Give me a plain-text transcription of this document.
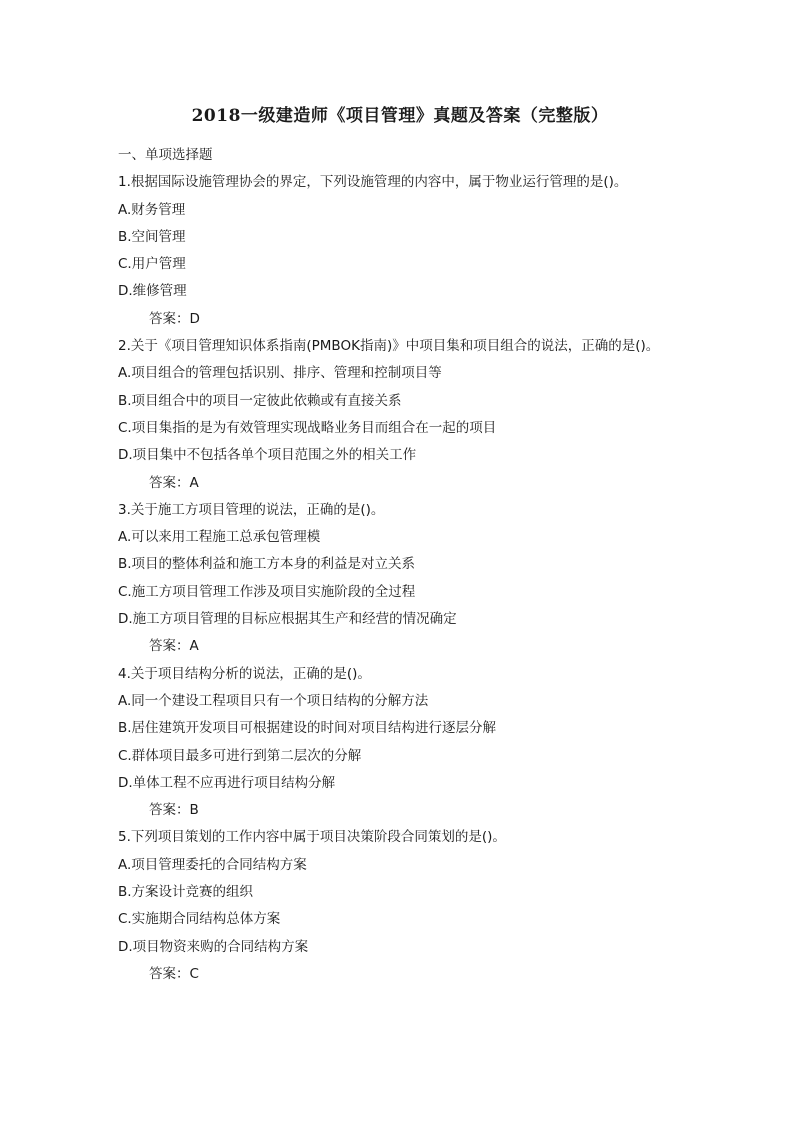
2018一级建造师《项目管理》真题及答案（完整版）
一、单项选择题
1.根据国际设施管理协会的界定，下列设施管理的内容中，属于物业运行管理的是()。
A.财务管理
B.空间管理
C.用户管理
D.维修管理
答案：D
2.关于《项目管理知识体系指南(PMBOK指南)》中项目集和项目组合的说法，正确的是()。
A.项目组合的管理包括识别、排序、管理和控制项目等
B.项目组合中的项目一定彼此依赖或有直接关系
C.项目集指的是为有效管理实现战略业务目而组合在一起的项目
D.项目集中不包括各单个项目范围之外的相关工作
答案：A
3.关于施工方项目管理的说法，正确的是()。
A.可以来用工程施工总承包管理模
B.项目的整体利益和施工方本身的利益是对立关系
C.施工方项目管理工作涉及项目实施阶段的全过程
D.施工方项目管理的目标应根据其生产和经营的情况确定
答案：A
4.关于项目结构分析的说法，正确的是()。
A.同一个建设工程项目只有一个项日结构的分解方法
B.居住建筑开发项目可根据建设的时间对项目结构进行逐层分解
C.群体项目最多可进行到第二层次的分解
D.单体工程不应再进行项目结构分解
答案：B
5.下列项目策划的工作内容中属于项目决策阶段合同策划的是()。
A.项目管理委托的合同结构方案
B.方案设计竞赛的组织
C.实施期合同结构总体方案
D.项目物资来购的合同结构方案
答案：C
